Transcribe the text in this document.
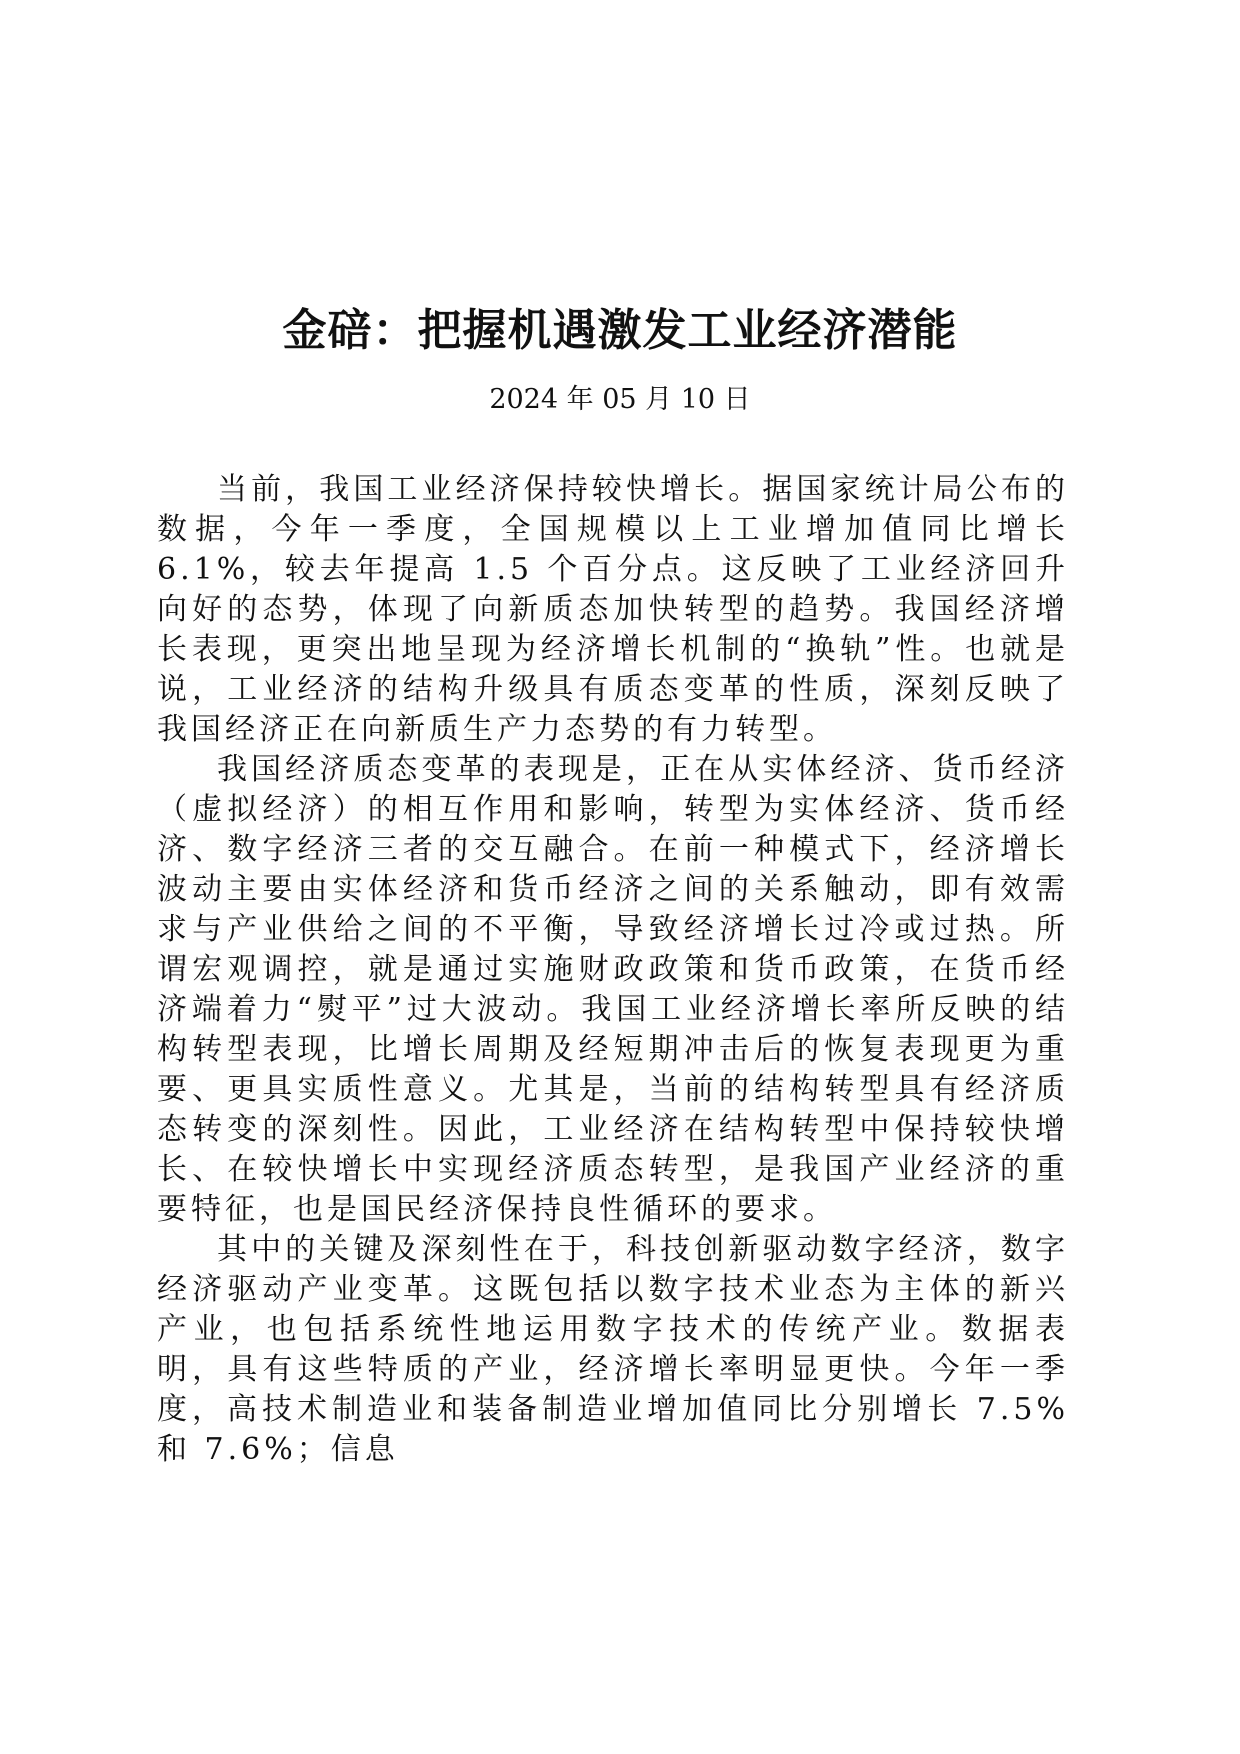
金碚：把握机遇激发工业经济潜能
2024 年 05 月 10 日

当前，我国工业经济保持较快增长。据国家统计局公布的数据，今年一季度，全国规模以上工业增加值同比增长 6.1%，较去年提高 1.5 个百分点。这反映了工业经济回升向好的态势，体现了向新质态加快转型的趋势。我国经济增长表现，更突出地呈现为经济增长机制的“换轨”性。也就是说，工业经济的结构升级具有质态变革的性质，深刻反映了我国经济正在向新质生产力态势的有力转型。

我国经济质态变革的表现是，正在从实体经济、货币经济（虚拟经济）的相互作用和影响，转型为实体经济、货币经济、数字经济三者的交互融合。在前一种模式下，经济增长波动主要由实体经济和货币经济之间的关系触动，即有效需求与产业供给之间的不平衡，导致经济增长过冷或过热。所谓宏观调控，就是通过实施财政政策和货币政策，在货币经济端着力“熨平”过大波动。我国工业经济增长率所反映的结构转型表现，比增长周期及经短期冲击后的恢复表现更为重要、更具实质性意义。尤其是，当前的结构转型具有经济质态转变的深刻性。因此，工业经济在结构转型中保持较快增长、在较快增长中实现经济质态转型，是我国产业经济的重要特征，也是国民经济保持良性循环的要求。

其中的关键及深刻性在于，科技创新驱动数字经济，数字经济驱动产业变革。这既包括以数字技术业态为主体的新兴产业，也包括系统性地运用数字技术的传统产业。数据表明，具有这些特质的产业，经济增长率明显更快。今年一季度，高技术制造业和装备制造业增加值同比分别增长 7.5%和 7.6%；信息
